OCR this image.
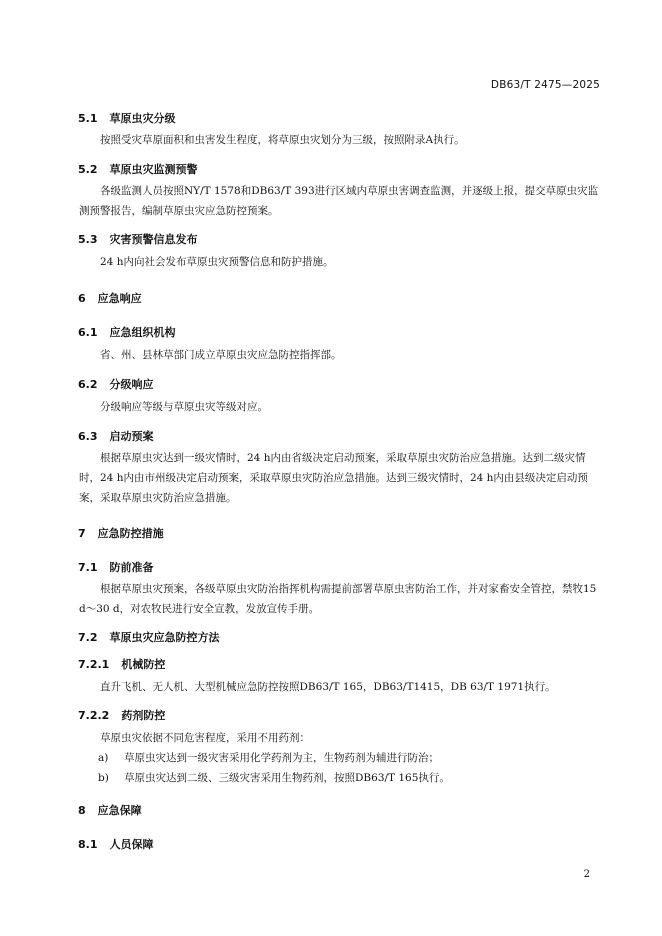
DB63/T 2475—2025
5.1 草原虫灾分级
按照受灾草原面积和虫害发生程度，将草原虫灾划分为三级，按照附录A执行。
5.2 草原虫灾监测预警
各级监测人员按照NY/T 1578和DB63/T 393进行区域内草原虫害调查监测，并逐级上报，提交草原虫灾监测预警报告，编制草原虫灾应急防控预案。
5.3 灾害预警信息发布
24 h内向社会发布草原虫灾预警信息和防护措施。
6 应急响应
6.1 应急组织机构
省、州、县林草部门成立草原虫灾应急防控指挥部。
6.2 分级响应
分级响应等级与草原虫灾等级对应。
6.3 启动预案
根据草原虫灾达到一级灾情时，24 h内由省级决定启动预案，采取草原虫灾防治应急措施。达到二级灾情时，24 h内由市州级决定启动预案，采取草原虫灾防治应急措施。达到三级灾情时，24 h内由县级决定启动预案，采取草原虫灾防治应急措施。
7 应急防控措施
7.1 防前准备
根据草原虫灾预案，各级草原虫灾防治指挥机构需提前部署草原虫害防治工作，并对家畜安全管控，禁牧15 d～30 d，对农牧民进行安全宣教，发放宣传手册。
7.2 草原虫灾应急防控方法
7.2.1 机械防控
直升飞机、无人机、大型机械应急防控按照DB63/T 165，DB63/T1415，DB 63/T 1971执行。
7.2.2 药剂防控
草原虫灾依据不同危害程度，采用不用药剂：
a) 草原虫灾达到一级灾害采用化学药剂为主，生物药剂为辅进行防治；
b) 草原虫灾达到二级、三级灾害采用生物药剂，按照DB63/T 165执行。
8 应急保障
8.1 人员保障
2
